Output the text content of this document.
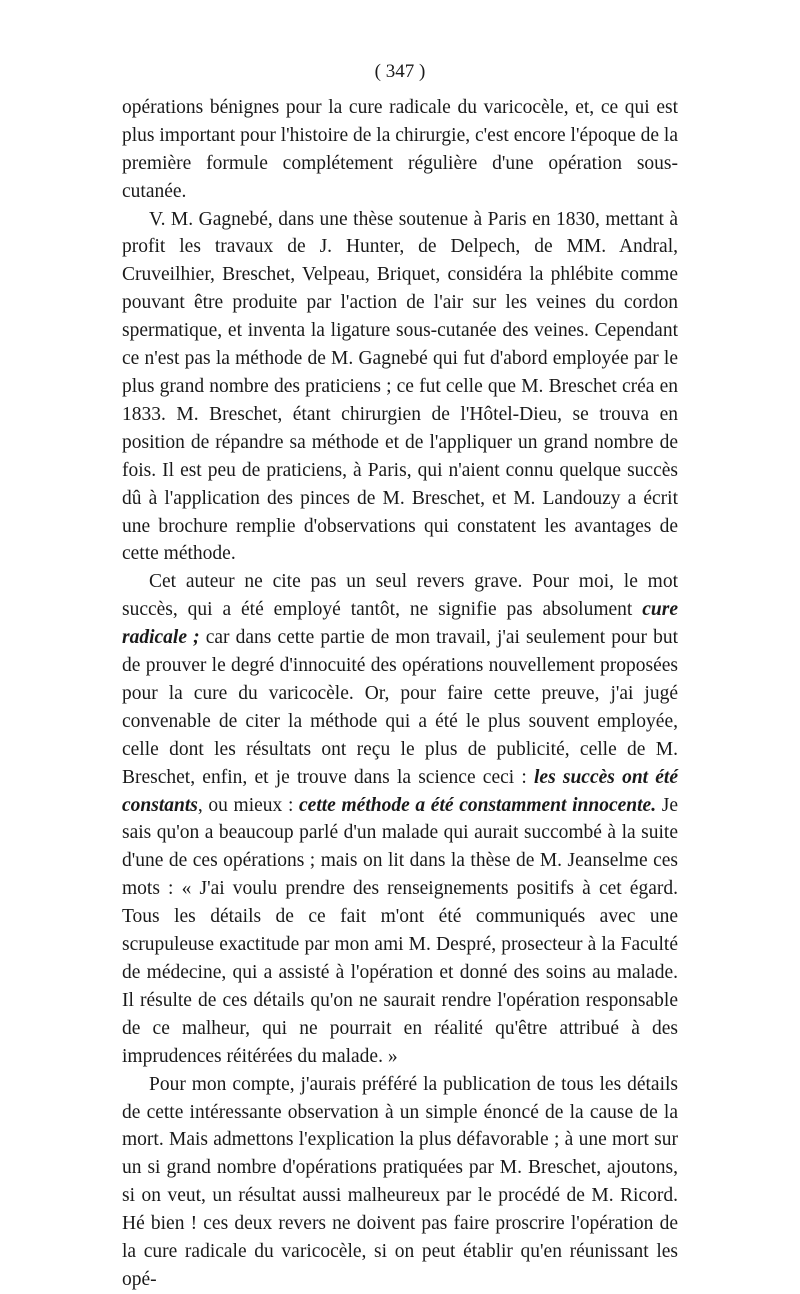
( 347 )

opérations bénignes pour la cure radicale du varicocèle, et, ce qui est plus important pour l'histoire de la chirurgie, c'est encore l'époque de la première formule complétement régulière d'une opération sous-cutanée.

V. M. Gagnebé, dans une thèse soutenue à Paris en 1830, mettant à profit les travaux de J. Hunter, de Delpech, de MM. Andral, Cruveilhier, Breschet, Velpeau, Briquet, considéra la phlébite comme pouvant être produite par l'action de l'air sur les veines du cordon spermatique, et inventa la ligature sous-cutanée des veines. Cependant ce n'est pas la méthode de M. Gagnebé qui fut d'abord employée par le plus grand nombre des praticiens ; ce fut celle que M. Breschet créa en 1833. M. Breschet, étant chirurgien de l'Hôtel-Dieu, se trouva en position de répandre sa méthode et de l'appliquer un grand nombre de fois. Il est peu de praticiens, à Paris, qui n'aient connu quelque succès dû à l'application des pinces de M. Breschet, et M. Landouzy a écrit une brochure remplie d'observations qui constatent les avantages de cette méthode.

Cet auteur ne cite pas un seul revers grave. Pour moi, le mot succès, qui a été employé tantôt, ne signifie pas absolument cure radicale ; car dans cette partie de mon travail, j'ai seulement pour but de prouver le degré d'innocuité des opérations nouvellement proposées pour la cure du varicocèle. Or, pour faire cette preuve, j'ai jugé convenable de citer la méthode qui a été le plus souvent employée, celle dont les résultats ont reçu le plus de publicité, celle de M. Breschet, enfin, et je trouve dans la science ceci : les succès ont été constants, ou mieux : cette méthode a été constamment innocente. Je sais qu'on a beaucoup parlé d'un malade qui aurait succombé à la suite d'une de ces opérations ; mais on lit dans la thèse de M. Jeanselme ces mots : « J'ai voulu prendre des renseignements positifs à cet égard. Tous les détails de ce fait m'ont été communiqués avec une scrupuleuse exactitude par mon ami M. Despré, prosecteur à la Faculté de médecine, qui a assisté à l'opération et donné des soins au malade. Il résulte de ces détails qu'on ne saurait rendre l'opération responsable de ce malheur, qui ne pourrait en réalité qu'être attribué à des imprudences réitérées du malade. »

Pour mon compte, j'aurais préféré la publication de tous les détails de cette intéressante observation à un simple énoncé de la cause de la mort. Mais admettons l'explication la plus défavorable ; à une mort sur un si grand nombre d'opérations pratiquées par M. Breschet, ajoutons, si on veut, un résultat aussi malheureux par le procédé de M. Ricord. Hé bien ! ces deux revers ne doivent pas faire proscrire l'opération de la cure radicale du varicocèle, si on peut établir qu'en réunissant les opé-
